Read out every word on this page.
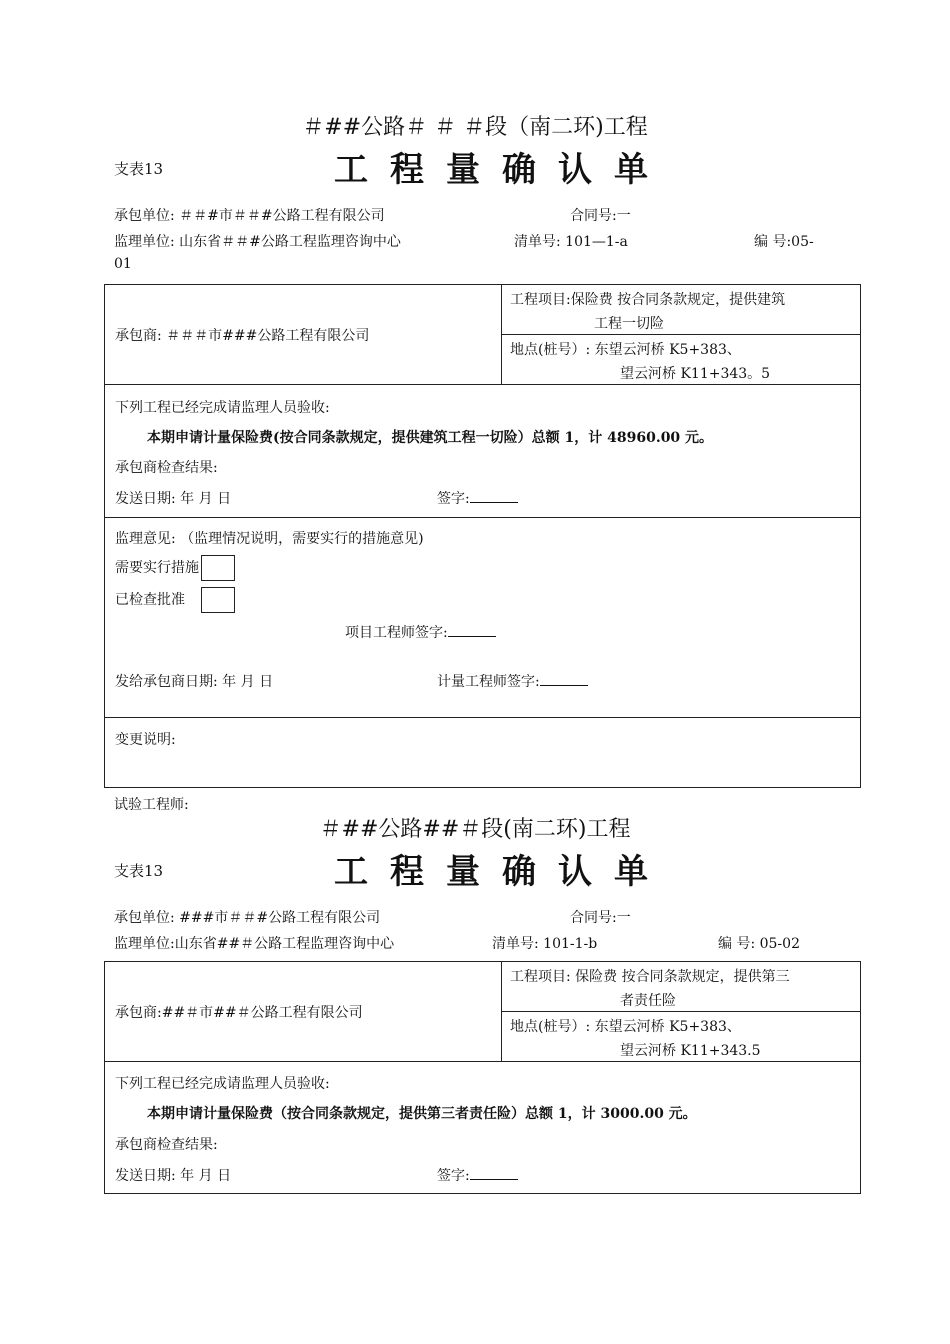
＃##公路＃ ＃ ＃段（南二环)工程
支表13	工程量确认单
承包单位: ＃＃#市＃＃#公路工程有限公司	合同号:一
监理单位: 山东省＃＃#公路工程监理咨询中心	清单号: 101—1-a	编 号:05-
01
承包商: ＃＃＃市###公路工程有限公司

工程项目:保险费 按合同条款规定，提供建筑
工程一切险

地点(桩号）: 东望云河桥 K5+383、
望云河桥 K11+343。5

下列工程已经完成请监理人员验收:
本期申请计量保险费(按合同条款规定，提供建筑工程一切险）总额 1，计 48960.00 元。
承包商检查结果:
发送日期: 年 月 日	签字:

监理意见: （监理情况说明，需要实行的措施意见)
需要实行措施
已检查批准
项目工程师签字:
发给承包商日期: 年 月 日	计量工程师签字:

变更说明:
试验工程师:
＃##公路##＃段(南二环)工程
支表13	工程量确认单
承包单位: ###市＃＃#公路工程有限公司	合同号:一
监理单位:山东省##＃公路工程监理咨询中心	清单号: 101-1-b	编 号: 05-02
承包商:##＃市##＃公路工程有限公司

工程项目: 保险费 按合同条款规定，提供第三
者责任险

地点(桩号）: 东望云河桥 K5+383、
望云河桥 K11+343.5

下列工程已经完成请监理人员验收:
本期申请计量保险费（按合同条款规定，提供第三者责任险）总额 1，计 3000.00 元。
承包商检查结果:
发送日期: 年 月 日	签字:
